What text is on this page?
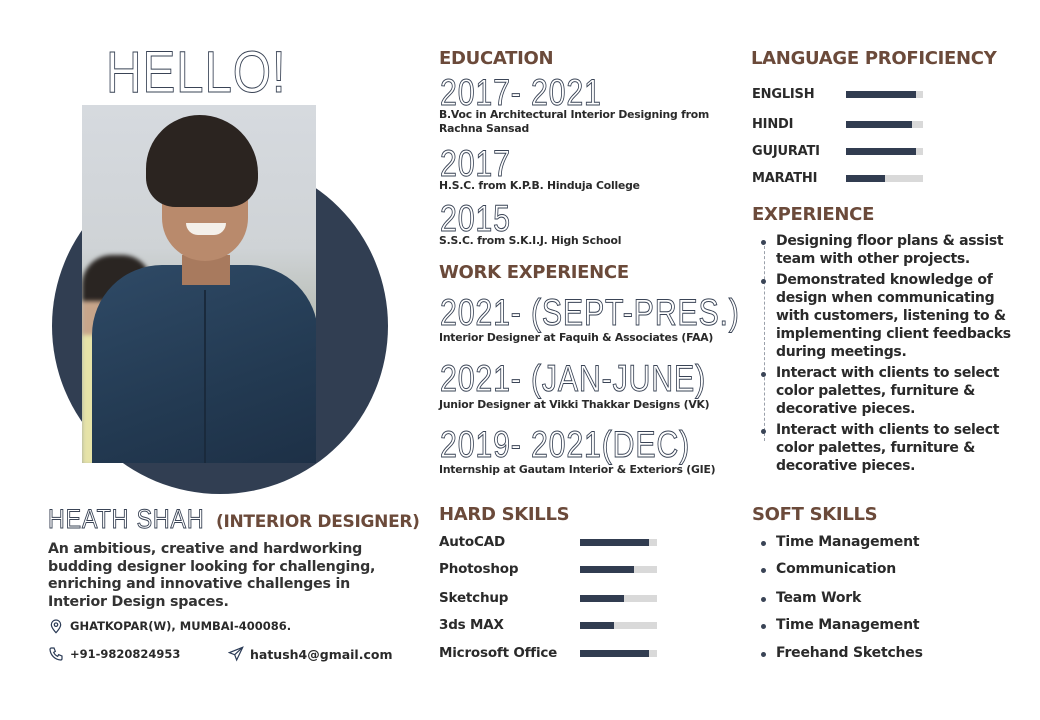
HELLO!
HEATH SHAH (INTERIOR DESIGNER)
An ambitious, creative and hardworking budding designer looking for challenging, enriching and innovative challenges in Interior Design spaces.
GHATKOPAR(W), MUMBAI-400086.
+91-9820824953	hatush4@gmail.com
EDUCATION
2017- 2021
B.Voc in Architectural Interior Designing from
Rachna Sansad
2017
H.S.C. from K.P.B. Hinduja College
2015
S.S.C. from S.K.I.J. High School
WORK EXPERIENCE
2021- (SEPT-PRES.)
Interior Designer at Faquih & Associates (FAA)
2021- (JAN-JUNE)
Junior Designer at Vikki Thakkar Designs (VK)
2019- 2021(DEC)
Internship at Gautam Interior & Exteriors (GIE)
HARD SKILLS
AutoCAD
Photoshop
Sketchup
3ds MAX
Microsoft Office
LANGUAGE PROFICIENCY
ENGLISH
HINDI
GUJURATI
MARATHI
EXPERIENCE
Designing floor plans & assist team with other projects.
Demonstrated knowledge of design when communicating with customers, listening to & implementing client feedbacks during meetings.
Interact with clients to select color palettes, furniture & decorative pieces.
Interact with clients to select color palettes, furniture & decorative pieces.
SOFT SKILLS
Time Management
Communication
Team Work
Time Management
Freehand Sketches
